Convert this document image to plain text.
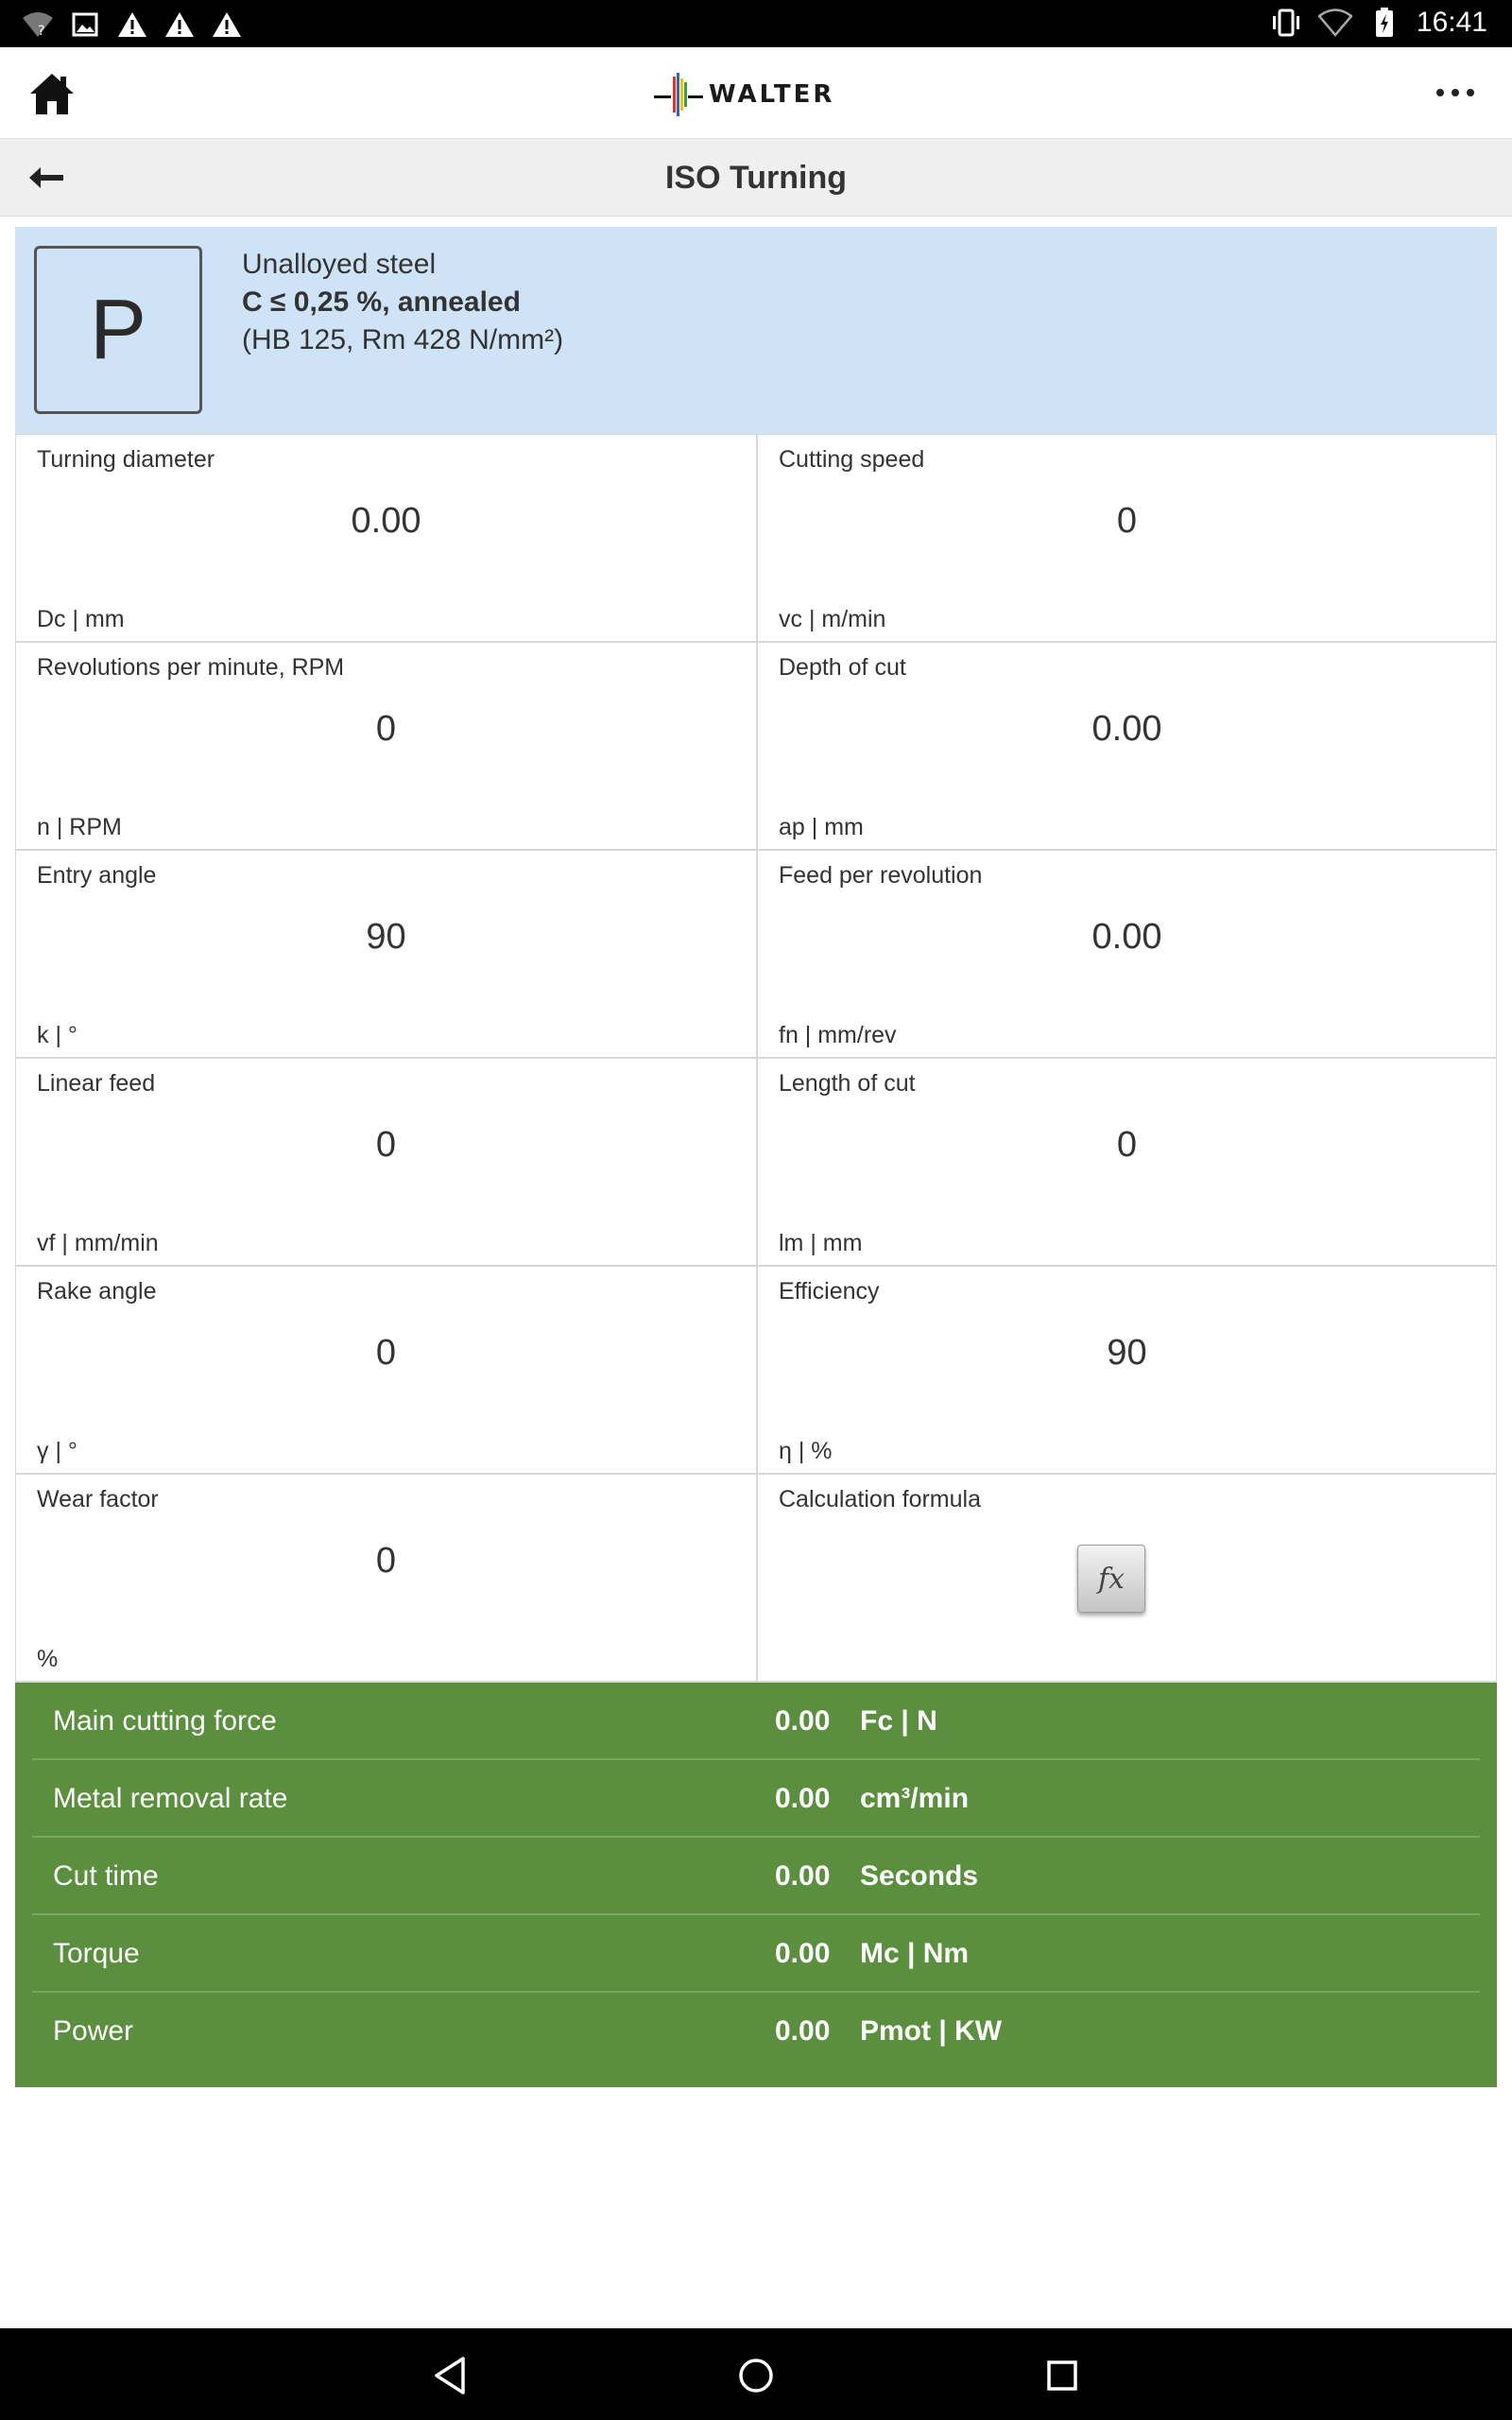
?	16:41
WALTER
ISO Turning
P
Unalloyed steel
C ≤ 0,25 %, annealed
(HB 125, Rm 428 N/mm²)
Turning diameter
0.00
Dc | mm
Cutting speed
0
vc | m/min
Revolutions per minute, RPM
0
n | RPM
Depth of cut
0.00
ap | mm
Entry angle
90
k | °
Feed per revolution
0.00
fn | mm/rev
Linear feed
0
vf | mm/min
Length of cut
0
lm | mm
Rake angle
0
γ | °
Efficiency
90
η | %
Wear factor
0
%
Calculation formula
fx
Main cutting force	0.00 Fc | N
Metal removal rate	0.00 cm³/min
Cut time	0.00 Seconds
Torque	0.00 Mc | Nm
Power	0.00 Pmot | KW
